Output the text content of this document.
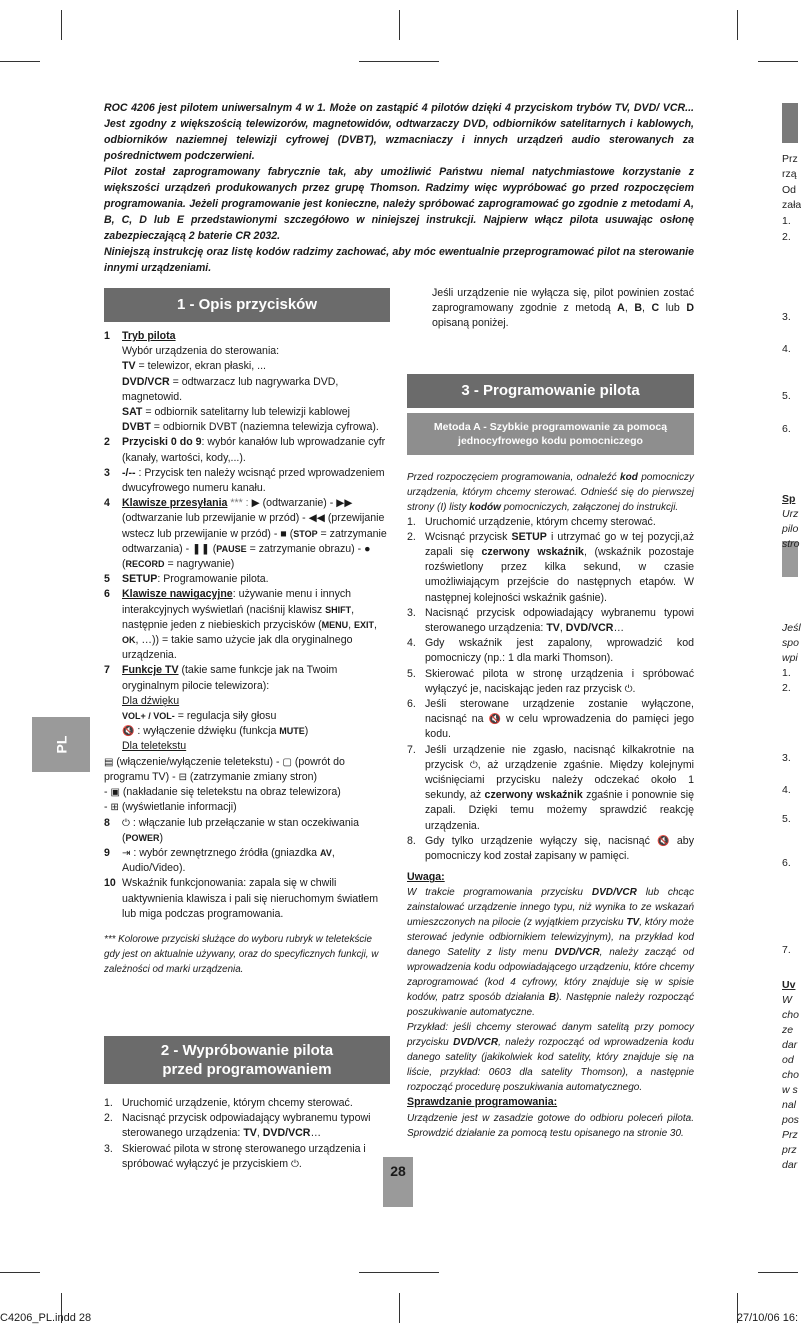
ROC 4206 jest pilotem uniwersalnym 4 w 1. Może on zastąpić 4 pilotów dzięki 4 przyciskom trybów TV, DVD/ VCR... Jest zgodny z większością telewizorów, magnetowidów, odtwarzaczy DVD, odbiorników satelitarnych i kablowych, odbiorników naziemnej telewizji cyfrowej (DVBT), wzmacniaczy i innych urządzeń audio sterowanych za pośrednictwem podczerwieni.

Pilot został zaprogramowany fabrycznie tak, aby umożliwić Państwu niemal natychmiastowe korzystanie z większości urządzeń produkowanych przez grupę Thomson. Radzimy więc wypróbować go przed rozpoczęciem programowania. Jeżeli programowanie jest konieczne, należy spróbować zaprogramować go zgodnie z metodami A, B, C, D lub E przedstawionymi szczegółowo w niniejszej instrukcji. Najpierw włącz pilota usuwając osłonę zabezpieczającą 2 baterie CR 2032.

Niniejszą instrukcję oraz listę kodów radzimy zachować, aby móc ewentualnie przeprogramować pilot na sterowanie innymi urządzeniami.

1 - Opis przycisków
1	Tryb pilota
Wybór urządzenia do sterowania:
TV = telewizor, ekran płaski, ...
DVD/VCR = odtwarzacz lub nagrywarka DVD, magnetowid.
SAT = odbiornik satelitarny lub telewizji kablowej
DVBT = odbiornik DVBT (naziemna telewizja cyfrowa).
2	Przyciski 0 do 9: wybór kanałów lub wprowadzanie cyfr (kanały, wartości, kody,...).
3	-/-- : Przycisk ten należy wcisnąć przed wprowadzeniem dwucyfrowego numeru kanału.
4	Klawisze przesyłania *** : ▶ (odtwarzanie) - ▶▶ (odtwarzanie lub przewijanie w przód) - ◀◀ (przewijanie wstecz lub przewijanie w przód) - ■ (STOP = zatrzymanie odtwarzania) - ❚❚ (PAUSE = zatrzymanie obrazu) - ● (RECORD = nagrywanie)
5	SETUP: Programowanie pilota.
6	Klawisze nawigacyjne: używanie menu i innych interakcyjnych wyświetlań (naciśnij klawisz SHIFT, następnie jeden z niebieskich przycisków (MENU, EXIT, OK, …)) = takie samo użycie jak dla oryginalnego urządzenia.
7	Funkcje TV (takie same funkcje jak na Twoim oryginalnym pilocie telewizora):
Dla dźwięku
VOL+ / VOL- = regulacja siły głosu
🔇 : wyłączenie dźwięku (funkcja MUTE)
Dla teletekstu
▤ (włączenie/wyłączenie teletekstu) - ▢ (powrót do programu TV) - ⊟ (zatrzymanie zmiany stron)
- ▣ (nakładanie się teletekstu na obraz telewizora)
- ⊞ (wyświetlanie informacji)
8	⏻ : włączanie lub przełączanie w stan oczekiwania (POWER)
9	⇥ : wybór zewnętrznego źródła (gniazdka AV, Audio/Video).
10 Wskaźnik funkcjonowania: zapala się w chwili uaktywnienia klawisza i pali się nieruchomym światłem lub miga podczas programowania.
*** Kolorowe przyciski służące do wyboru rubryk w teletekście gdy jest on aktualnie używany, oraz do specyficznych funkcji, w zależności od marki urządzenia.
2 - Wypróbowanie pilota
przed programowaniem
1. Uruchomić urządzenie, którym chcemy sterować.
2. Nacisnąć przycisk odpowiadający wybranemu typowi sterowanego urządzenia: TV, DVD/VCR…
3. Skierować pilota w stronę sterowanego urządzenia i spróbować wyłączyć je przyciskiem ⏻.
Jeśli urządzenie nie wyłącza się, pilot powinien zostać zaprogramowany zgodnie z metodą A, B, C lub D opisaną poniżej.
3 - Programowanie pilota
Metoda A - Szybkie programowanie za pomocą
jednocyfrowego kodu pomocniczego
Przed rozpoczęciem programowania, odnaleźć kod pomocniczy urządzenia, którym chcemy sterować. Odnieść się do pierwszej strony (I) listy kodów pomocniczych, załączonej do instrukcji.
1. Uruchomić urządzenie, którym chcemy sterować.
2. Wcisnąć przycisk SETUP i utrzymać go w tej pozycji,aż zapali się czerwony wskaźnik, (wskaźnik pozostaje rozświetlony przez kilka sekund, w czasie umożliwiającym przejście do następnych etapów. W następnej kolejności wskaźnik gaśnie).
3. Nacisnąć przycisk odpowiadający wybranemu typowi sterowanego urządzenia: TV, DVD/VCR…
4. Gdy wskaźnik jest zapalony, wprowadzić kod pomocniczy (np.: 1 dla marki Thomson).
5. Skierować pilota w stronę urządzenia i spróbować wyłączyć je, naciskając jeden raz przycisk ⏻.
6. Jeśli sterowane urządzenie zostanie wyłączone, nacisnąć na 🔇 w celu wprowadzenia do pamięci jego kodu.
7. Jeśli urządzenie nie zgasło, nacisnąć kilkakrotnie na przycisk ⏻, aż urządzenie zgaśnie. Między kolejnymi wciśnięciami przycisku należy odczekać około 1 sekundy, aż czerwony wskaźnik zgaśnie i ponownie się zapali. Dzięki temu możemy sprawdzić reakcję urządzenia.
8. Gdy tylko urządzenie wyłączy się, nacisnąć 🔇 aby pomocniczy kod został zapisany w pamięci.
Uwaga:
W trakcie programowania przycisku DVD/VCR lub chcąc zainstalować urządzenie innego typu, niż wynika to ze wskazań umieszczonych na pilocie (z wyjątkiem przycisku TV, który może sterować jedynie odbiornikiem telewizyjnym), na przykład kod danego Satelity z listy menu DVD/VCR, należy zacząć od wprowadzenia kodu odpowiadającego urządzeniu, które chcemy zaprogramować (kod 4 cyfrowy, który znajduje się w spisie kodów, patrz sposób działania B). Następnie należy rozpocząć poszukiwanie automatyczne.
Przykład: jeśli chcemy sterować danym satelitą przy pomocy przycisku DVD/VCR, należy rozpocząć od wprowadzenia kodu danego satelity (jakikolwiek kod satelity, który znajduje się na liście, przykład: 0603 dla satelity Thomson), a następnie rozpocząć procedurę poszukiwania automatycznego.
Sprawdzanie programowania:
Urządzenie jest w zasadzie gotowe do odbioru poleceń pilota. Sprowdzić działanie za pomocą testu opisanego na stronie 30.
PL
28
C4206_PL.indd 28	27/10/06 16:
Prz
rzą
Od
zała
1.
2.
3.
4.
5.
6.
Sp
Urz
pilo
stro
Jeśl
spo
wpi
1.
2.
3.
4.
5.
6.
7.
Uv
W
cho
ze
dar
od
cho
w s
nal
pos
Prz
prz
dar
